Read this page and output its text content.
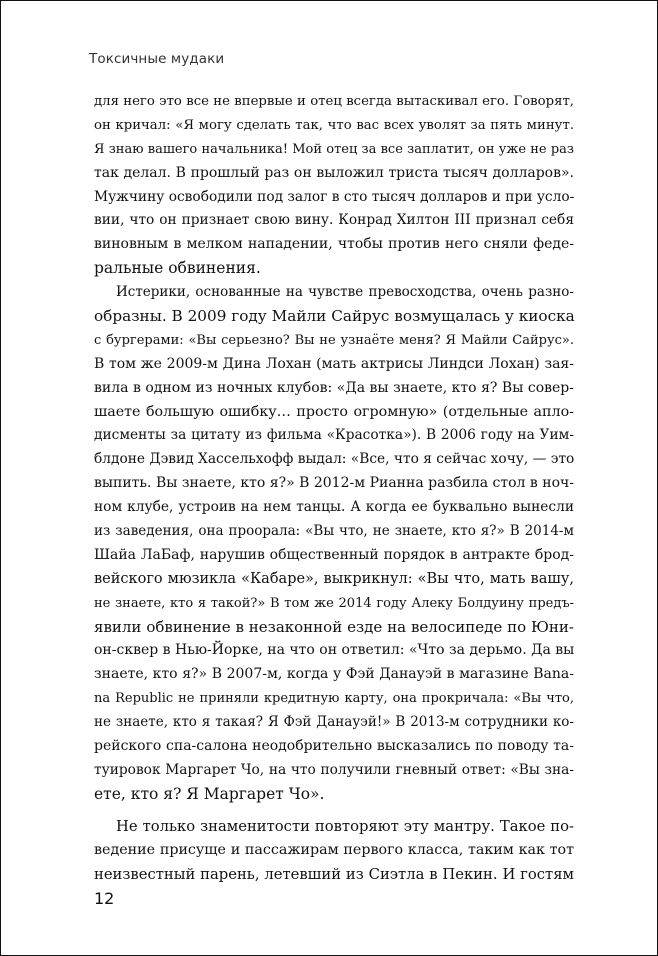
Токсичные мудаки
для него это все не впервые и отец всегда вытаскивал его. Говорят,
он кричал: «Я могу сделать так, что вас всех уволят за пять минут.
Я знаю вашего начальника! Мой отец за все заплатит, он уже не раз
так делал. В прошлый раз он выложил триста тысяч долларов».
Мужчину освободили под залог в сто тысяч долларов и при усло-
вии, что он признает свою вину. Конрад Хилтон III признал себя
виновным в мелком нападении, чтобы против него сняли феде-
ральные обвинения.
Истерики, основанные на чувстве превосходства, очень разно-
образны. В 2009 году Майли Сайрус возмущалась у киоска
с бургерами: «Вы серьезно? Вы не узнаёте меня? Я Майли Сайрус».
В том же 2009-м Дина Лохан (мать актрисы Линдси Лохан) зая-
вила в одном из ночных клубов: «Да вы знаете, кто я? Вы совер-
шаете большую ошибку… просто огромную» (отдельные апло-
дисменты за цитату из фильма «Красотка»). В 2006 году на Уим-
блдоне Дэвид Хассельхофф выдал: «Все, что я сейчас хочу, — это
выпить. Вы знаете, кто я?» В 2012-м Рианна разбила стол в ноч-
ном клубе, устроив на нем танцы. А когда ее буквально вынесли
из заведения, она проорала: «Вы что, не знаете, кто я?» В 2014-м
Шайа ЛаБаф, нарушив общественный порядок в антракте брод-
вейского мюзикла «Кабаре», выкрикнул: «Вы что, мать вашу,
не знаете, кто я такой?» В том же 2014 году Алеку Болдуину предъ-
явили обвинение в незаконной езде на велосипеде по Юни-
он-сквер в Нью-Йорке, на что он ответил: «Что за дерьмо. Да вы
знаете, кто я?» В 2007-м, когда у Фэй Данауэй в магазине Bana-
na Republic не приняли кредитную карту, она прокричала: «Вы что,
не знаете, кто я такая? Я Фэй Данауэй!» В 2013-м сотрудники ко-
рейского спа-салона неодобрительно высказались по поводу та-
туировок Маргарет Чо, на что получили гневный ответ: «Вы зна-
ете, кто я? Я Маргарет Чо».
Не только знаменитости повторяют эту мантру. Такое по-
ведение присуще и пассажирам первого класса, таким как тот
неизвестный парень, летевший из Сиэтла в Пекин. И гостям
12
